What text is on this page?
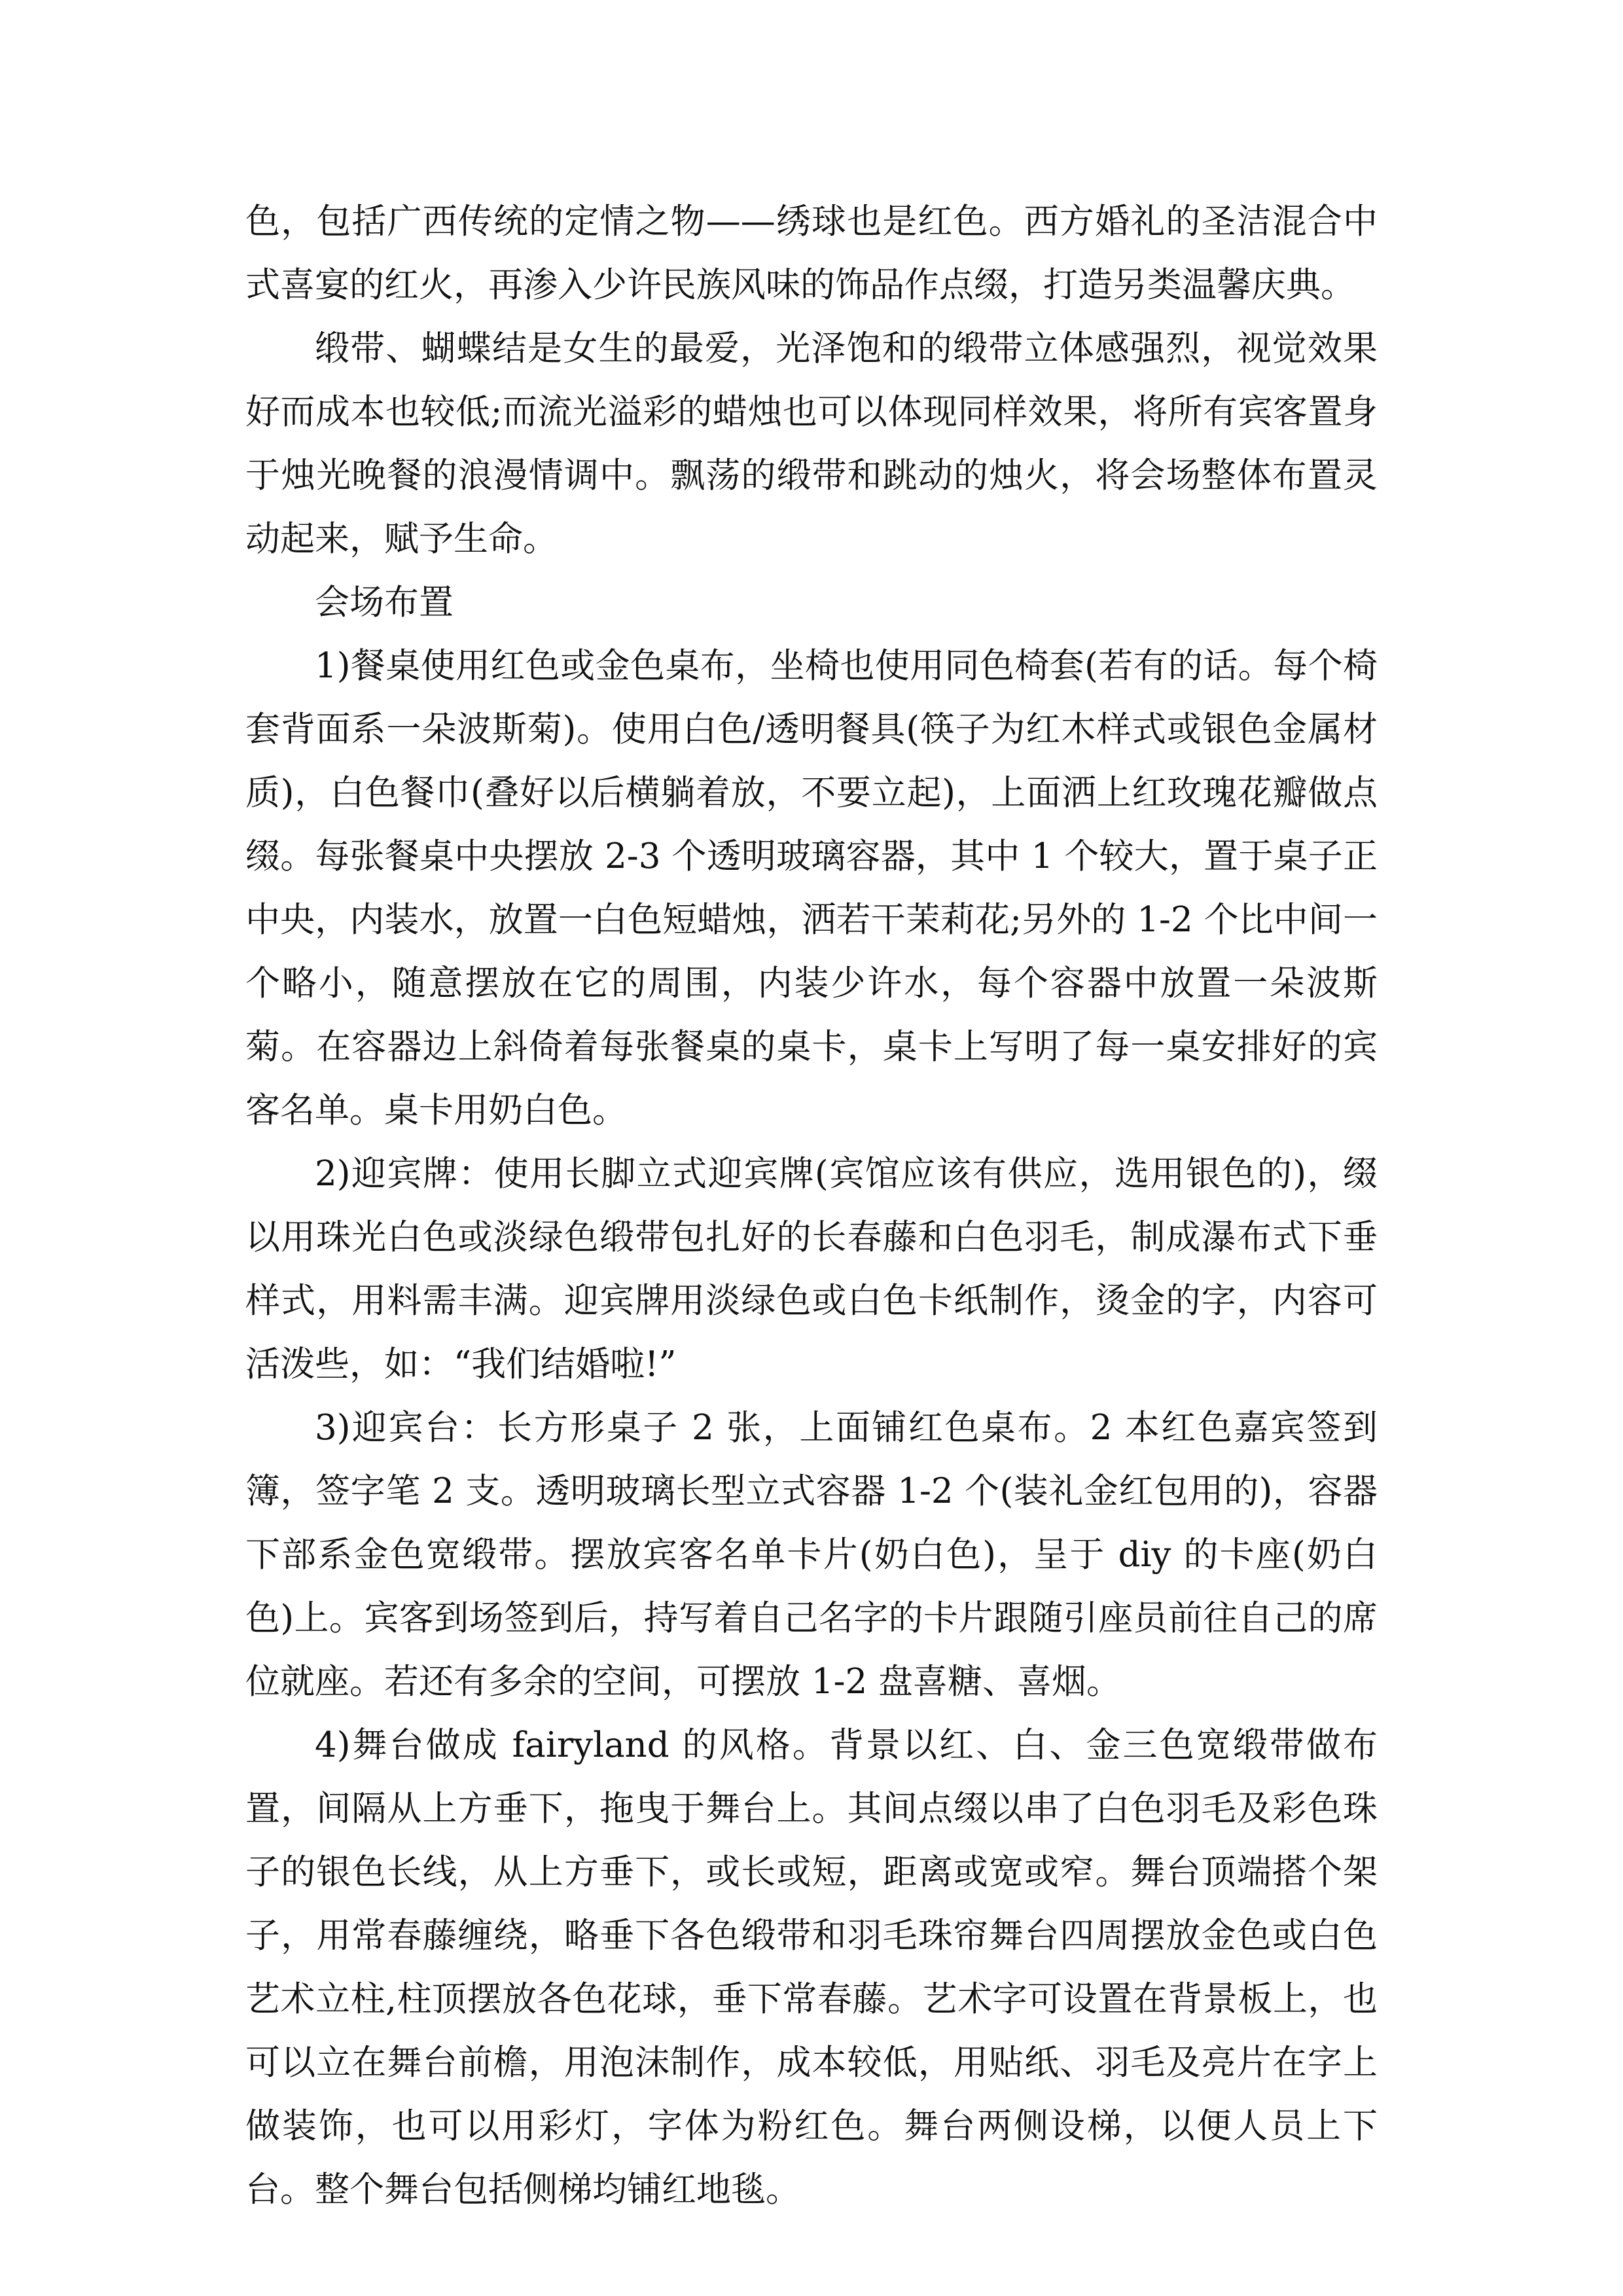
色，包括广西传统的定情之物——绣球也是红色。西方婚礼的圣洁混合中式喜宴的红火，再渗入少许民族风味的饰品作点缀，打造另类温馨庆典。

缎带、蝴蝶结是女生的最爱，光泽饱和的缎带立体感强烈，视觉效果好而成本也较低;而流光溢彩的蜡烛也可以体现同样效果，将所有宾客置身于烛光晚餐的浪漫情调中。飘荡的缎带和跳动的烛火，将会场整体布置灵动起来，赋予生命。

会场布置

1)餐桌使用红色或金色桌布，坐椅也使用同色椅套(若有的话。每个椅套背面系一朵波斯菊)。使用白色/透明餐具(筷子为红木样式或银色金属材质)，白色餐巾(叠好以后横躺着放，不要立起)，上面洒上红玫瑰花瓣做点缀。每张餐桌中央摆放 2-3 个透明玻璃容器，其中 1 个较大，置于桌子正中央，内装水，放置一白色短蜡烛，洒若干茉莉花;另外的 1-2 个比中间一个略小，随意摆放在它的周围，内装少许水，每个容器中放置一朵波斯菊。在容器边上斜倚着每张餐桌的桌卡，桌卡上写明了每一桌安排好的宾客名单。桌卡用奶白色。

2)迎宾牌：使用长脚立式迎宾牌(宾馆应该有供应，选用银色的)，缀以用珠光白色或淡绿色缎带包扎好的长春藤和白色羽毛，制成瀑布式下垂样式，用料需丰满。迎宾牌用淡绿色或白色卡纸制作，烫金的字，内容可活泼些，如：“我们结婚啦!”

3)迎宾台：长方形桌子 2 张，上面铺红色桌布。2 本红色嘉宾签到簿，签字笔 2 支。透明玻璃长型立式容器 1-2 个(装礼金红包用的)，容器下部系金色宽缎带。摆放宾客名单卡片(奶白色)，呈于 diy 的卡座(奶白色)上。宾客到场签到后，持写着自己名字的卡片跟随引座员前往自己的席位就座。若还有多余的空间，可摆放 1-2 盘喜糖、喜烟。

4)舞台做成 fairyland 的风格。背景以红、白、金三色宽缎带做布置，间隔从上方垂下，拖曳于舞台上。其间点缀以串了白色羽毛及彩色珠子的银色长线，从上方垂下，或长或短，距离或宽或窄。舞台顶端搭个架子，用常春藤缠绕，略垂下各色缎带和羽毛珠帘舞台四周摆放金色或白色艺术立柱,柱顶摆放各色花球，垂下常春藤。艺术字可设置在背景板上，也可以立在舞台前檐，用泡沫制作，成本较低，用贴纸、羽毛及亮片在字上做装饰，也可以用彩灯，字体为粉红色。舞台两侧设梯，以便人员上下台。整个舞台包括侧梯均铺红地毯。
